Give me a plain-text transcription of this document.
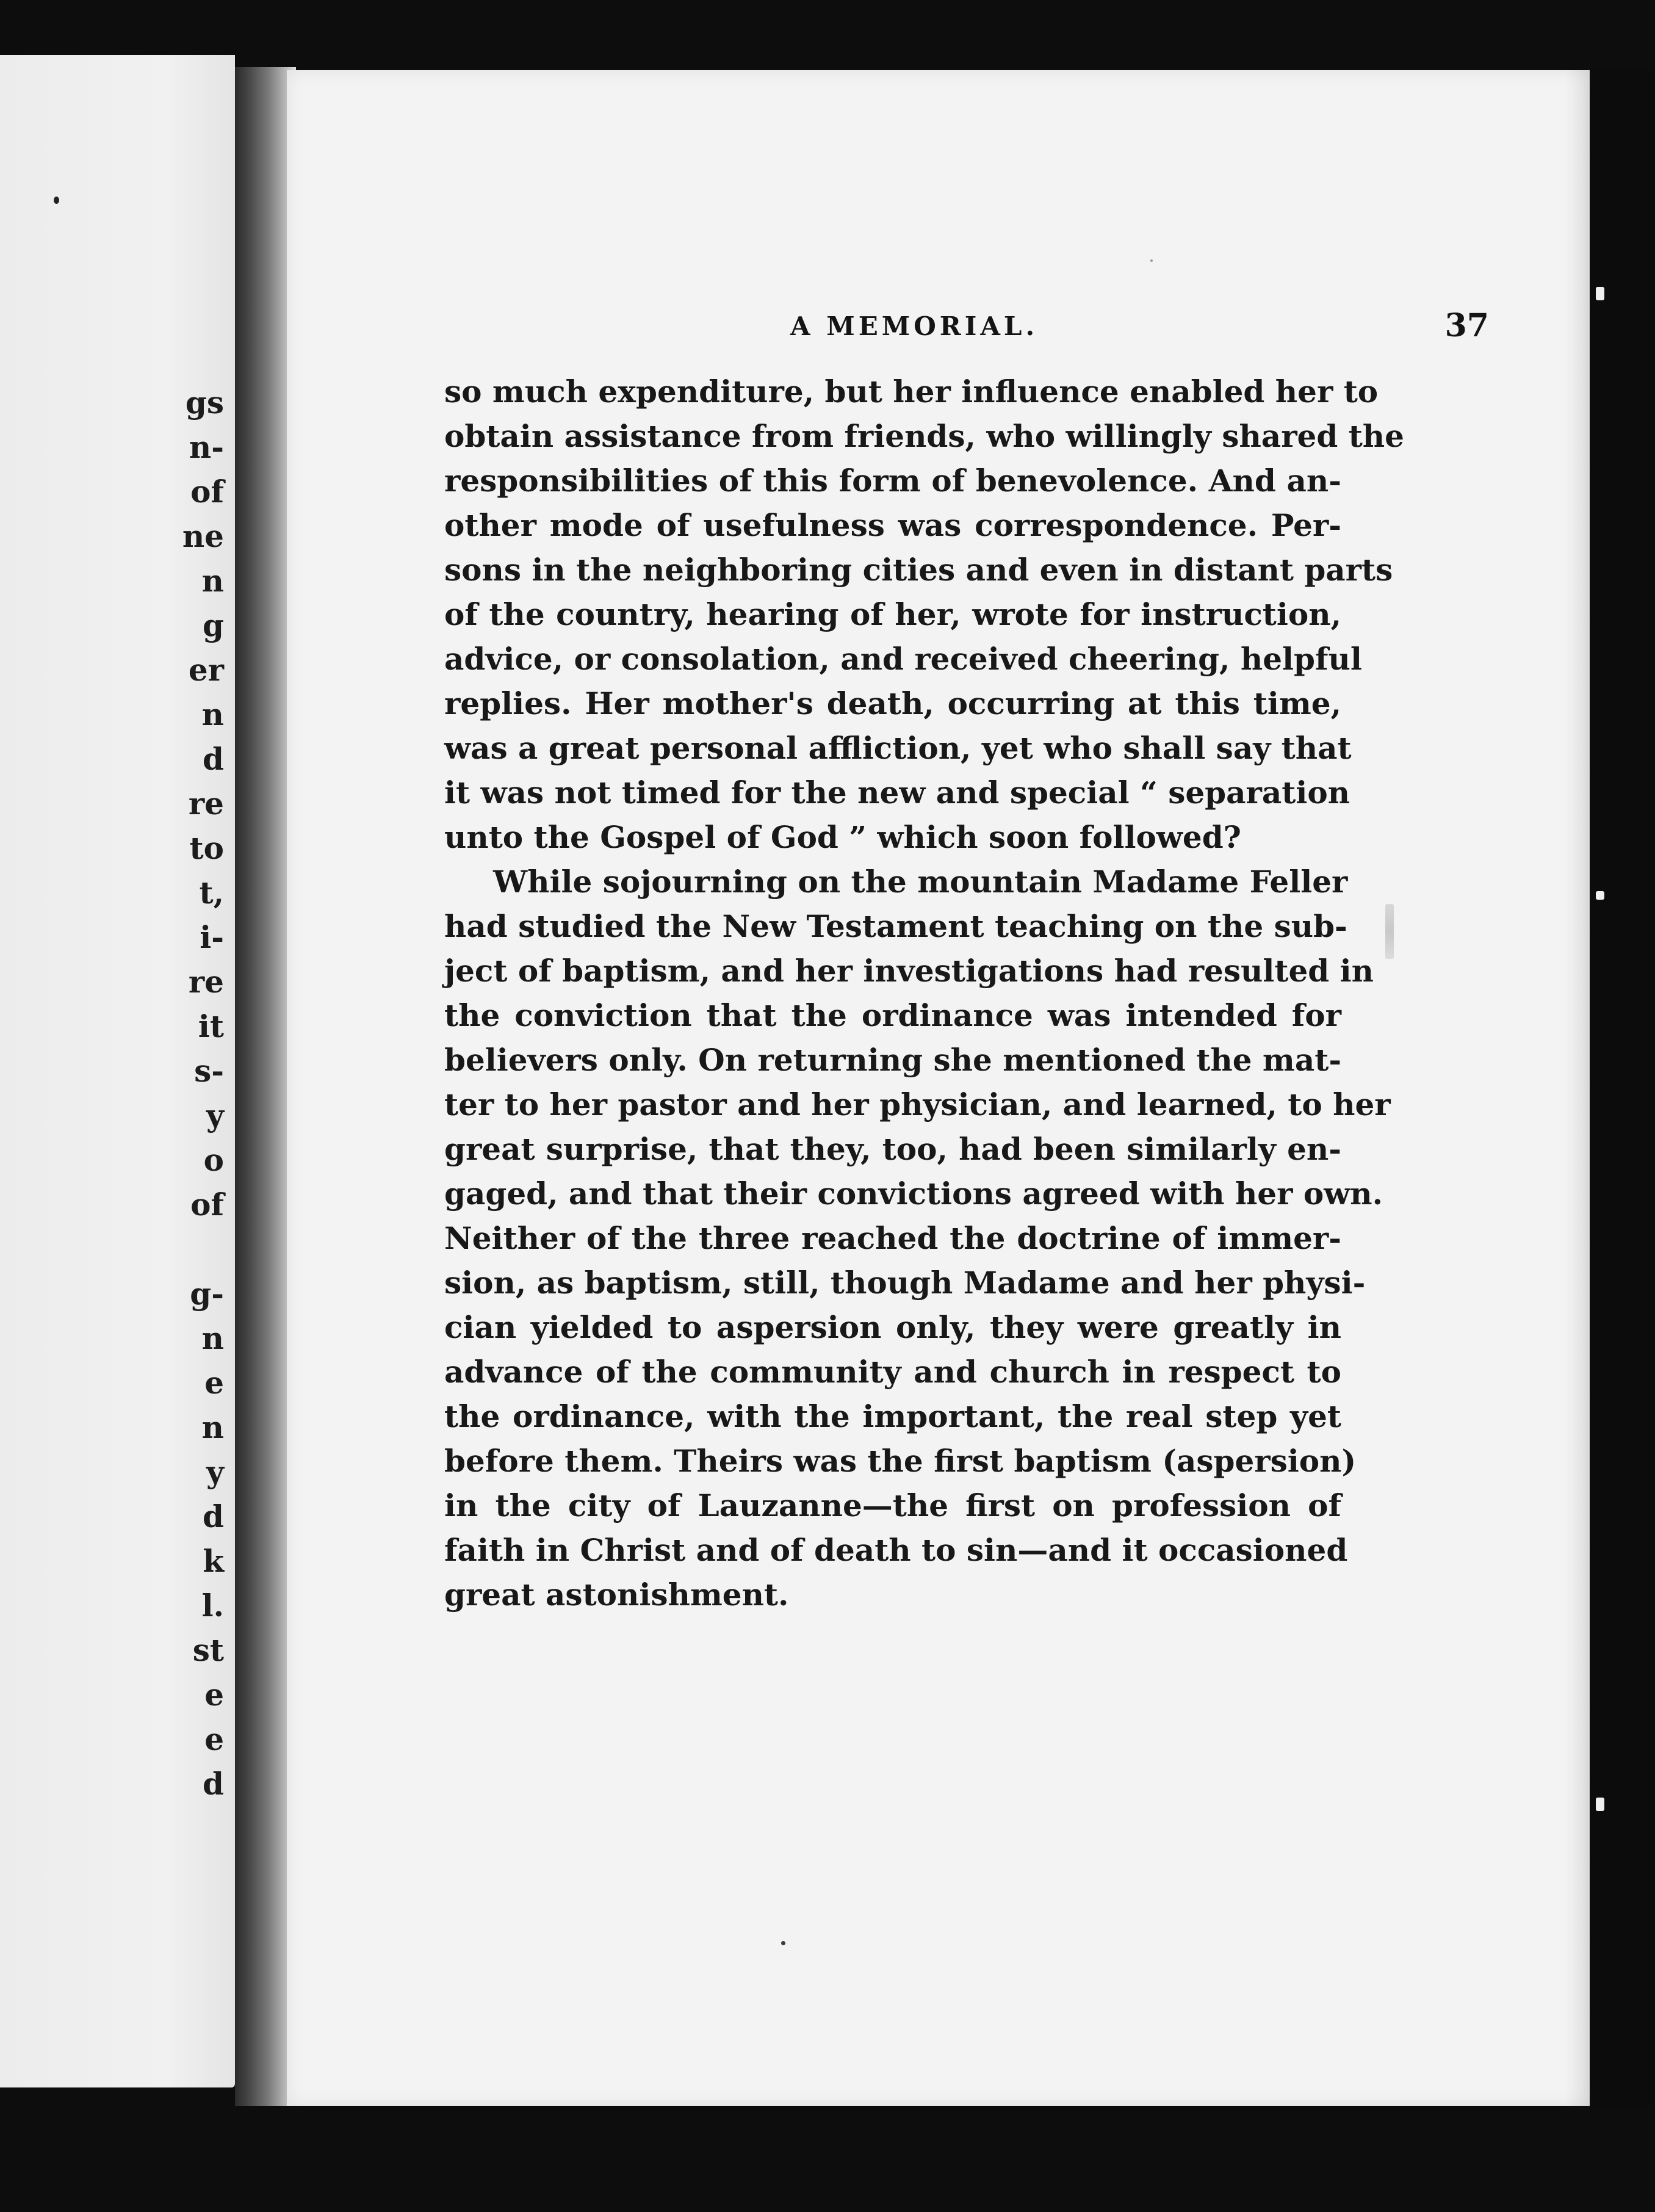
gs
n-
of
ne
n
g
er
n
d
re
to
t,
i-
re
it
s-
y
o
of
g-
n
e
n
y
d
k
l.
st
e
e
d
A MEMORIAL.	37
so much expenditure, but her influence enabled her to
obtain assistance from friends, who willingly shared the
responsibilities of this form of benevolence. And an-
other mode of usefulness was correspondence. Per-
sons in the neighboring cities and even in distant parts
of the country, hearing of her, wrote for instruction,
advice, or consolation, and received cheering, helpful
replies. Her mother's death, occurring at this time,
was a great personal affliction, yet who shall say that
it was not timed for the new and special “ separation
unto the Gospel of God ” which soon followed?
While sojourning on the mountain Madame Feller
had studied the New Testament teaching on the sub-
ject of baptism, and her investigations had resulted in
the conviction that the ordinance was intended for
believers only. On returning she mentioned the mat-
ter to her pastor and her physician, and learned, to her
great surprise, that they, too, had been similarly en-
gaged, and that their convictions agreed with her own.
Neither of the three reached the doctrine of immer-
sion, as baptism, still, though Madame and her physi-
cian yielded to aspersion only, they were greatly in
advance of the community and church in respect to
the ordinance, with the important, the real step yet
before them. Theirs was the first baptism (aspersion)
in the city of Lauzanne—the first on profession of
faith in Christ and of death to sin—and it occasioned
great astonishment.
